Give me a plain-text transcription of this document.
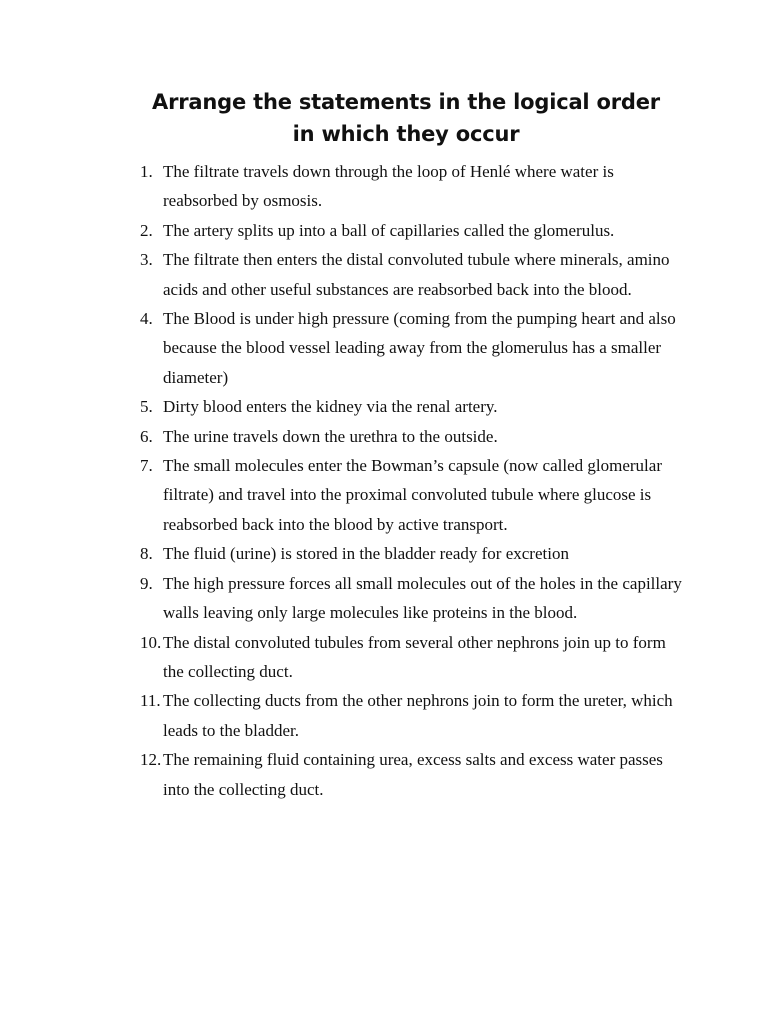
Arrange the statements in the logical order in which they occur
1. The filtrate travels down through the loop of Henlé where water is reabsorbed by osmosis.
2. The artery splits up into a ball of capillaries called the glomerulus.
3. The filtrate then enters the distal convoluted tubule where minerals, amino acids and other useful substances are reabsorbed back into the blood.
4. The Blood is under high pressure (coming from the pumping heart and also because the blood vessel leading away from the glomerulus has a smaller diameter)
5. Dirty blood enters the kidney via the renal artery.
6. The urine travels down the urethra to the outside.
7. The small molecules enter the Bowman’s capsule (now called glomerular filtrate) and travel into the proximal convoluted tubule where glucose is reabsorbed back into the blood by active transport.
8. The fluid (urine) is stored in the bladder ready for excretion
9. The high pressure forces all small molecules out of the holes in the capillary walls leaving only large molecules like proteins in the blood.
10. The distal convoluted tubules from several other nephrons join up to form the collecting duct.
11. The collecting ducts from the other nephrons join to form the ureter, which leads to the bladder.
12. The remaining fluid containing urea, excess salts and excess water passes into the collecting duct.
